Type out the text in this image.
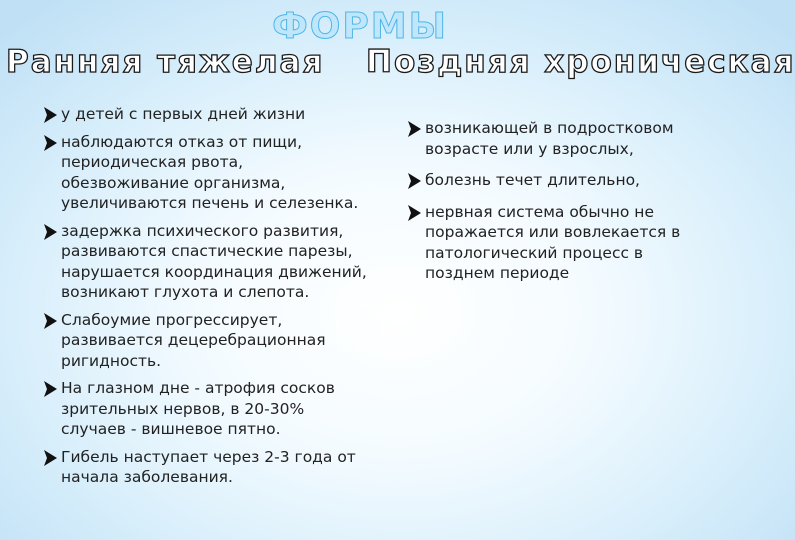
ФОРМЫ
Ранняя тяжелая Поздняя хроническая
у детей с первых дней жизни
наблюдаются отказ от пищи, периодическая рвота, обезвоживание организма, увеличиваются печень и селезенка.
задержка психического развития, развиваются спастические парезы, нарушается координация движений, возникают глухота и слепота.
Слабоумие прогрессирует, развивается децеребрационная ригидность.
На глазном дне - атрофия сосков зрительных нервов, в 20-30% случаев - вишневое пятно.
Гибель наступает через 2-3 года от начала заболевания.
возникающей в подростковом возрасте или у взрослых,
болезнь течет длительно,
нервная система обычно не поражается или вовлекается в патологический процесс в позднем периоде
